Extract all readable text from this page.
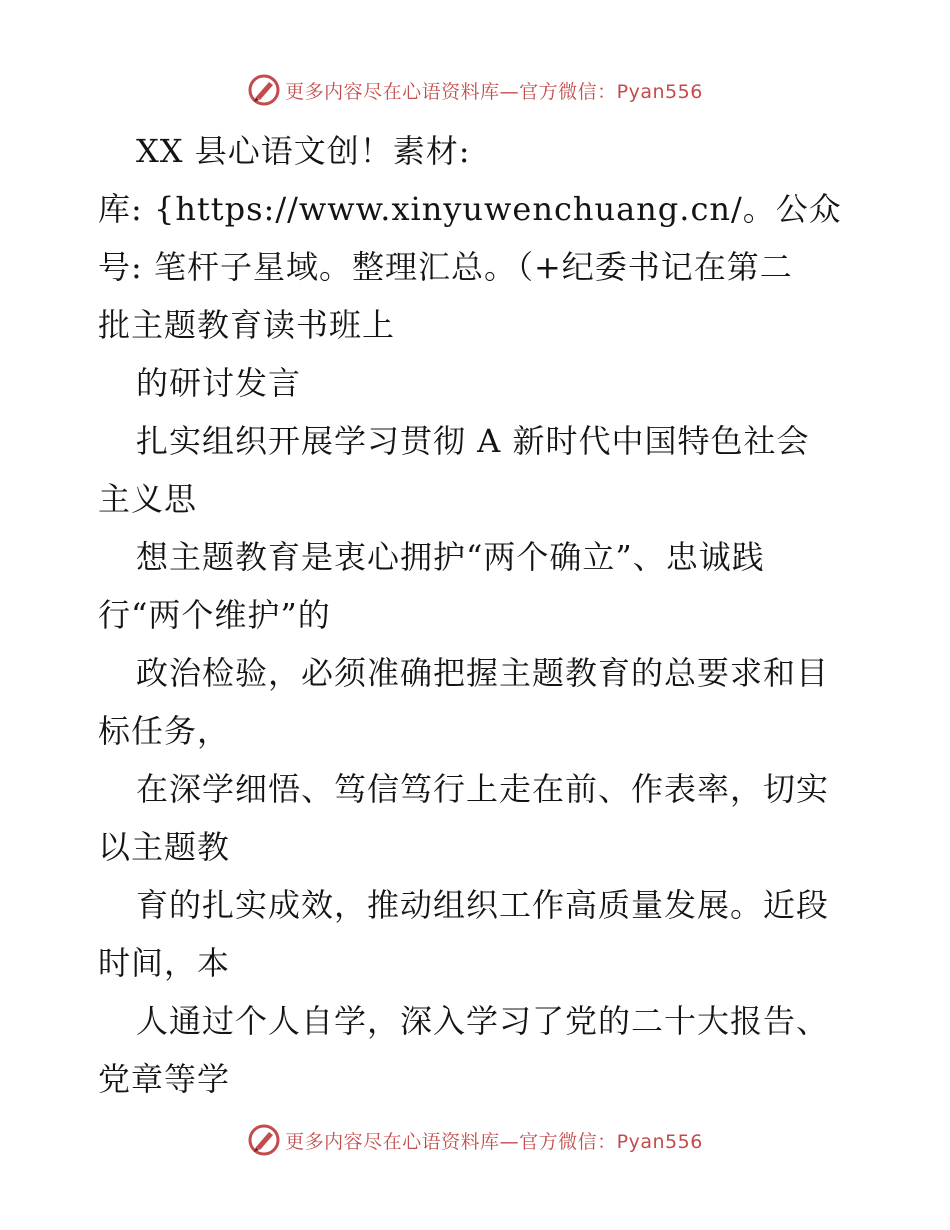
更多内容尽在心语资料库—官方微信：Pyan556
XX 县心语文创！素材:
库: {https://www.xinyuwenchuang.cn/。公众
号: 笔杆子星域。整理汇总。（+纪委书记在第二
批主题教育读书班上
的研讨发言
扎实组织开展学习贯彻 A 新时代中国特色社会
主义思
想主题教育是衷心拥护“两个确立”、忠诚践
行“两个维护”的
政治检验，必须准确把握主题教育的总要求和目
标任务，
在深学细悟、笃信笃行上走在前、作表率，切实
以主题教
育的扎实成效，推动组织工作高质量发展。近段
时间，本
人通过个人自学，深入学习了党的二十大报告、
党章等学
更多内容尽在心语资料库—官方微信：Pyan556
